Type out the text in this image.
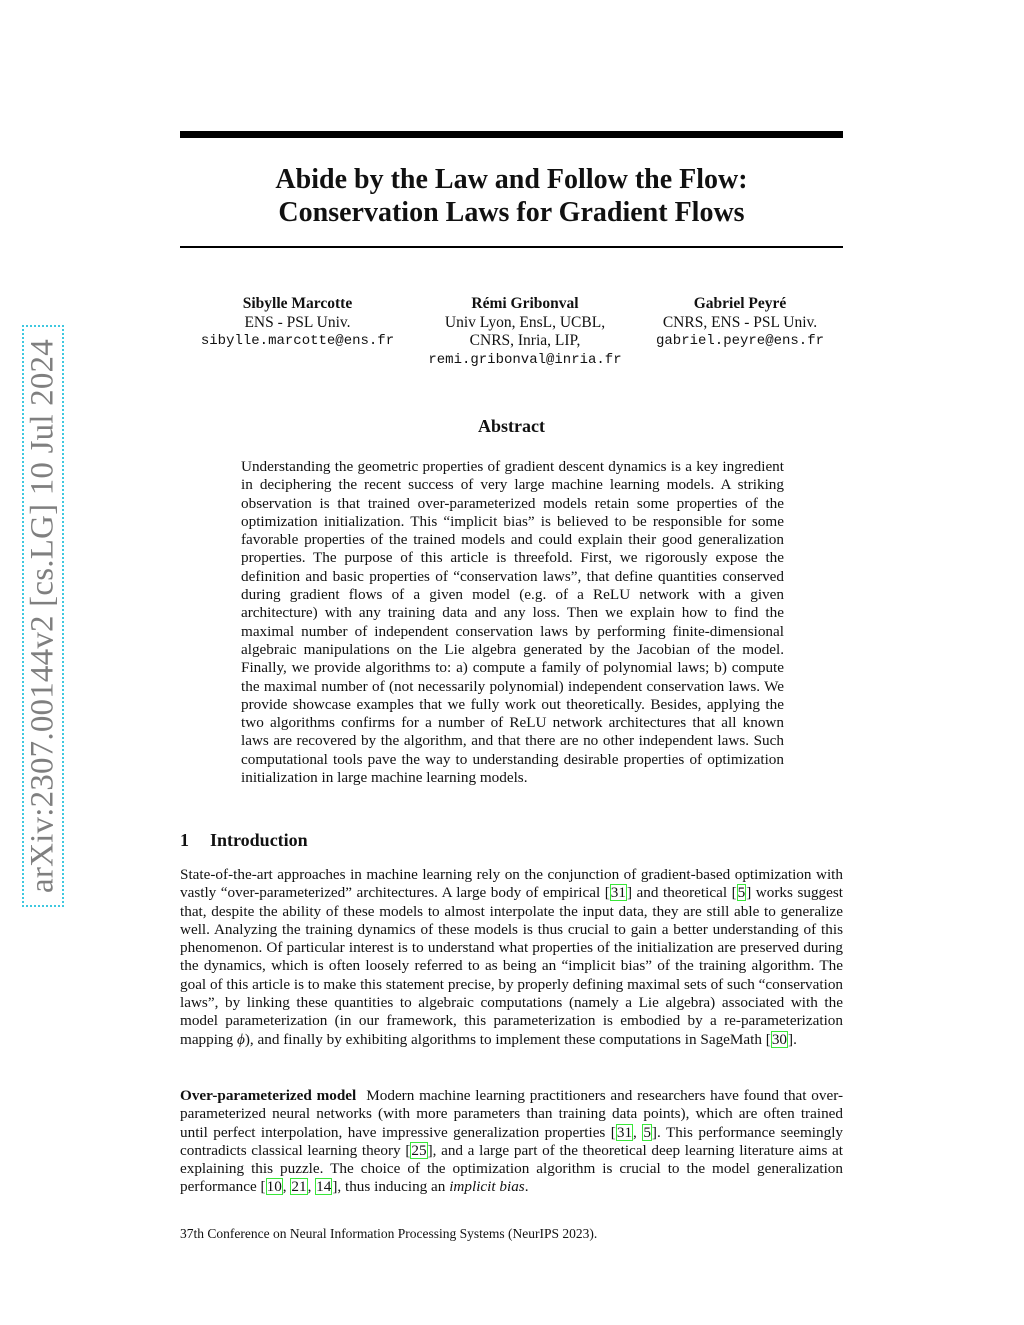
arXiv:2307.00144v2 [cs.LG] 10 Jul 2024
Abide by the Law and Follow the Flow:
Conservation Laws for Gradient Flows
Sibylle Marcotte
ENS - PSL Univ.
sibylle.marcotte@ens.fr
Rémi Gribonval
Univ Lyon, EnsL, UCBL,
CNRS, Inria, LIP,
remi.gribonval@inria.fr
Gabriel Peyré
CNRS, ENS - PSL Univ.
gabriel.peyre@ens.fr
Abstract

Understanding the geometric properties of gradient descent dynamics is a key ingredient in deciphering the recent success of very large machine learning models. A striking observation is that trained over-parameterized models retain some properties of the optimization initialization. This “implicit bias” is believed to be responsible for some favorable properties of the trained models and could explain their good generalization properties. The purpose of this article is threefold. First, we rigorously expose the definition and basic properties of “conservation laws”, that define quantities conserved during gradient flows of a given model (e.g. of a ReLU network with a given architecture) with any training data and any loss. Then we explain how to find the maximal number of independent conservation laws by performing finite-dimensional algebraic manipulations on the Lie algebra generated by the Jacobian of the model. Finally, we provide algorithms to: a) compute a family of polynomial laws; b) compute the maximal number of (not necessarily polynomial) independent conservation laws. We provide showcase examples that we fully work out theoretically. Besides, applying the two algorithms confirms for a number of ReLU network architectures that all known laws are recovered by the algorithm, and that there are no other independent laws. Such computational tools pave the way to understanding desirable properties of optimization initialization in large machine learning models.

1 Introduction

State-of-the-art approaches in machine learning rely on the conjunction of gradient-based optimization with vastly “over-parameterized” architectures. A large body of empirical [31] and theoretical [5] works suggest that, despite the ability of these models to almost interpolate the input data, they are still able to generalize well. Analyzing the training dynamics of these models is thus crucial to gain a better understanding of this phenomenon. Of particular interest is to understand what properties of the initialization are preserved during the dynamics, which is often loosely referred to as being an “implicit bias” of the training algorithm. The goal of this article is to make this statement precise, by properly defining maximal sets of such “conservation laws”, by linking these quantities to algebraic computations (namely a Lie algebra) associated with the model parameterization (in our framework, this parameterization is embodied by a re-parameterization mapping ϕ), and finally by exhibiting algorithms to implement these computations in SageMath [30].

Over-parameterized model Modern machine learning practitioners and researchers have found that over-parameterized neural networks (with more parameters than training data points), which are often trained until perfect interpolation, have impressive generalization properties [31, 5]. This performance seemingly contradicts classical learning theory [25], and a large part of the theoretical deep learning literature aims at explaining this puzzle. The choice of the optimization algorithm is crucial to the model generalization performance [10, 21, 14], thus inducing an implicit bias.

37th Conference on Neural Information Processing Systems (NeurIPS 2023).
